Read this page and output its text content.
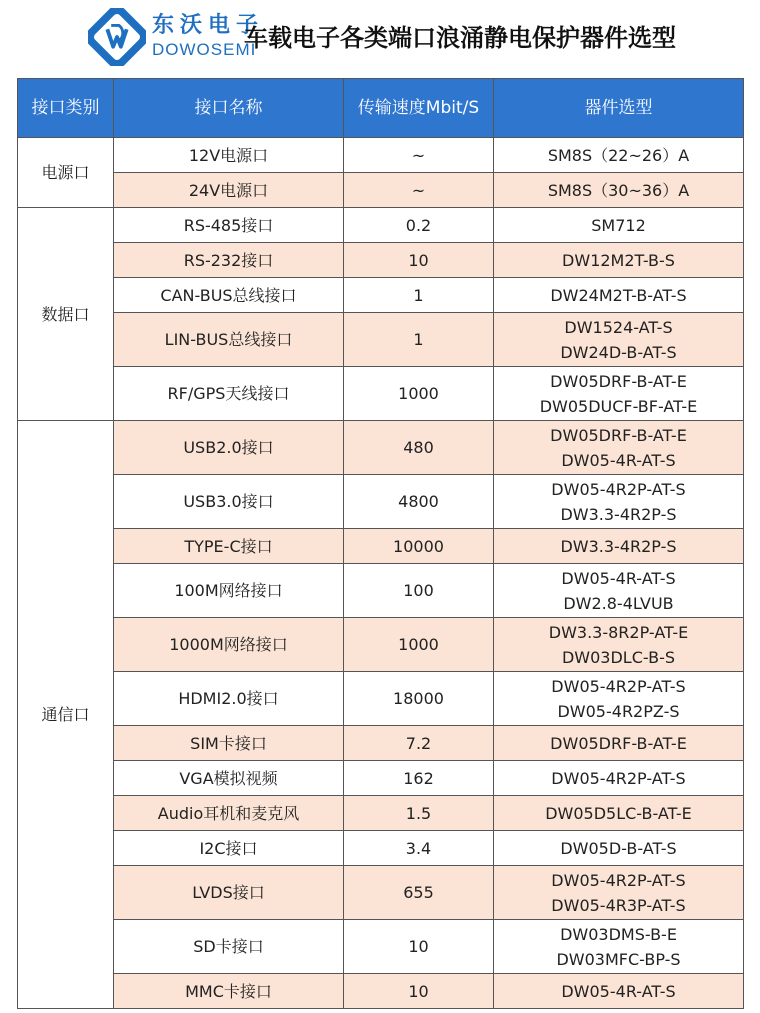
东沃电子
DOWOSEMI
车载电子各类端口浪涌静电保护器件选型
接口类别	接口名称	传输速度Mbit/S	器件选型
电源口	12V电源口	~	SM8S（22~26）A

	24V电源口	~	SM8S（30~36）A

数据口	RS-485接口	0.2	SM712

	RS-232接口	10	DW12M2T-B-S

	CAN-BUS总线接口	1	DW24M2T-B-AT-S

	LIN-BUS总线接口	1	DW1524-AT-S
DW24D-B-AT-S

	RF/GPS天线接口	1000	DW05DRF-B-AT-E
DW05DUCF-BF-AT-E

通信口	USB2.0接口	480	DW05DRF-B-AT-E
DW05-4R-AT-S

	USB3.0接口	4800	DW05-4R2P-AT-S
DW3.3-4R2P-S

	TYPE-C接口	10000	DW3.3-4R2P-S

	100M网络接口	100	DW05-4R-AT-S
DW2.8-4LVUB

	1000M网络接口	1000	DW3.3-8R2P-AT-E
DW03DLC-B-S

	HDMI2.0接口	18000	DW05-4R2P-AT-S
DW05-4R2PZ-S

	SIM卡接口	7.2	DW05DRF-B-AT-E

	VGA模拟视频	162	DW05-4R2P-AT-S

	Audio耳机和麦克风	1.5	DW05D5LC-B-AT-E

	I2C接口	3.4	DW05D-B-AT-S

	LVDS接口	655	DW05-4R2P-AT-S
DW05-4R3P-AT-S

	SD卡接口	10	DW03DMS-B-E
DW03MFC-BP-S

	MMC卡接口	10	DW05-4R-AT-S
